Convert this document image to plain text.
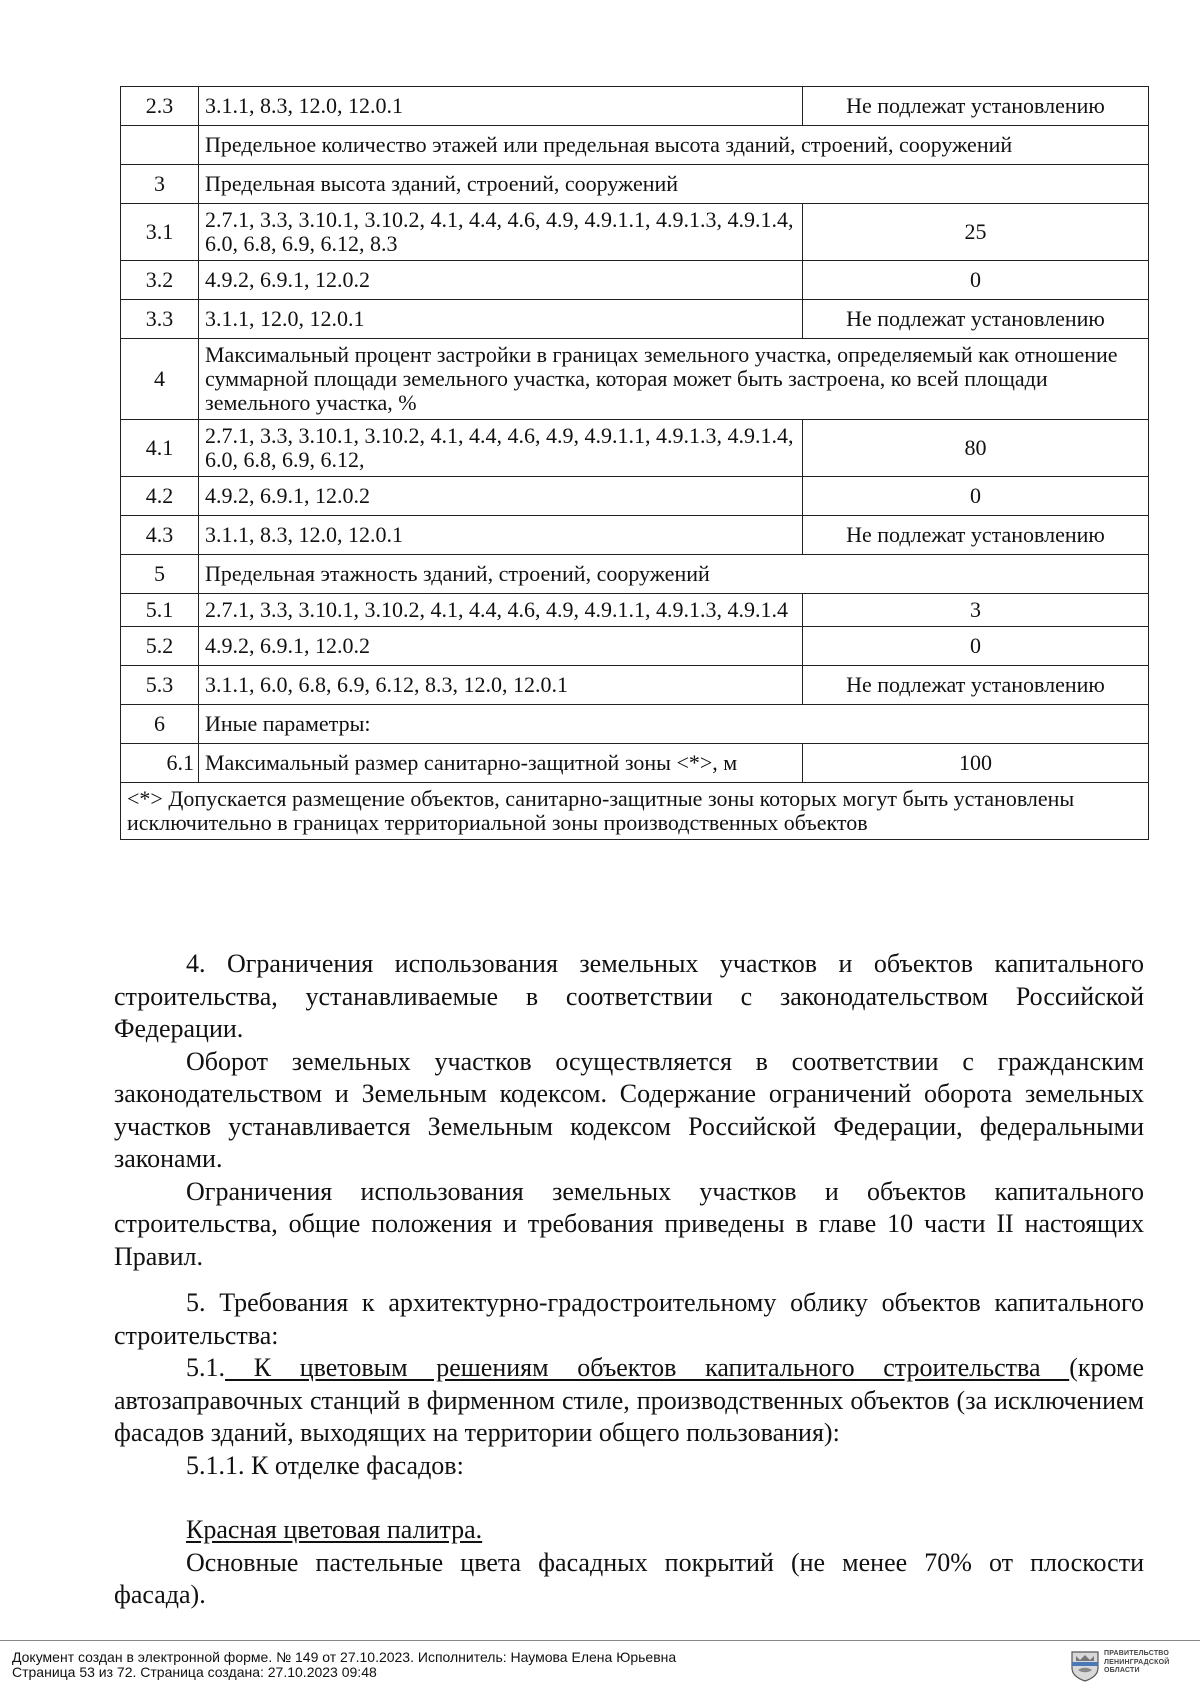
2.3	3.1.1, 8.3, 12.0, 12.0.1	Не подлежат установлению
	Предельное количество этажей или предельная высота зданий, строений, сооружений	
3	Предельная высота зданий, строений, сооружений	
3.1	2.7.1, 3.3, 3.10.1, 3.10.2, 4.1, 4.4, 4.6, 4.9, 4.9.1.1, 4.9.1.3, 4.9.1.4, 6.0, 6.8, 6.9, 6.12, 8.3	25
3.2	4.9.2, 6.9.1, 12.0.2	0
3.3	3.1.1, 12.0, 12.0.1	Не подлежат установлению
4	Максимальный процент застройки в границах земельного участка, определяемый как отношение суммарной площади земельного участка, которая может быть застроена, ко всей площади земельного участка, %	
4.1	2.7.1, 3.3, 3.10.1, 3.10.2, 4.1, 4.4, 4.6, 4.9, 4.9.1.1, 4.9.1.3, 4.9.1.4, 6.0, 6.8, 6.9, 6.12,	80
4.2	4.9.2, 6.9.1, 12.0.2	0
4.3	3.1.1, 8.3, 12.0, 12.0.1	Не подлежат установлению
5	Предельная этажность зданий, строений, сооружений	
5.1	2.7.1, 3.3, 3.10.1, 3.10.2, 4.1, 4.4, 4.6, 4.9, 4.9.1.1, 4.9.1.3, 4.9.1.4	3
5.2	4.9.2, 6.9.1, 12.0.2	0
5.3	3.1.1, 6.0, 6.8, 6.9, 6.12, 8.3, 12.0, 12.0.1	Не подлежат установлению
6	Иные параметры:	
6.1	Максимальный размер санитарно-защитной зоны <*>, м	100
<*> Допускается размещение объектов, санитарно-защитные зоны которых могут быть установлены исключительно в границах территориальной зоны производственных объектов		

4. Ограничения использования земельных участков и объектов капитального строительства, устанавливаемые в соответствии с законодательством Российской Федерации.

Оборот земельных участков осуществляется в соответствии с гражданским законодательством и Земельным кодексом. Содержание ограничений оборота земельных участков устанавливается Земельным кодексом Российской Федерации, федеральными законами.

Ограничения использования земельных участков и объектов капитального строительства, общие положения и требования приведены в главе 10 части II настоящих Правил.

5. Требования к архитектурно-градостроительному облику объектов капитального строительства:

5.1. К цветовым решениям объектов капитального строительства (кроме автозаправочных станций в фирменном стиле, производственных объектов (за исключением фасадов зданий, выходящих на территории общего пользования):

5.1.1. К отделке фасадов:

Красная цветовая палитра.

Основные пастельные цвета фасадных покрытий (не менее 70% от плоскости фасада).

Документ создан в электронной форме. № 149 от 27.10.2023. Исполнитель: Наумова Елена Юрьевна
Страница 53 из 72. Страница создана: 27.10.2023 09:48
ПРАВИТЕЛЬСТВО ЛЕНИНГРАДСКОЙ ОБЛАСТИ
